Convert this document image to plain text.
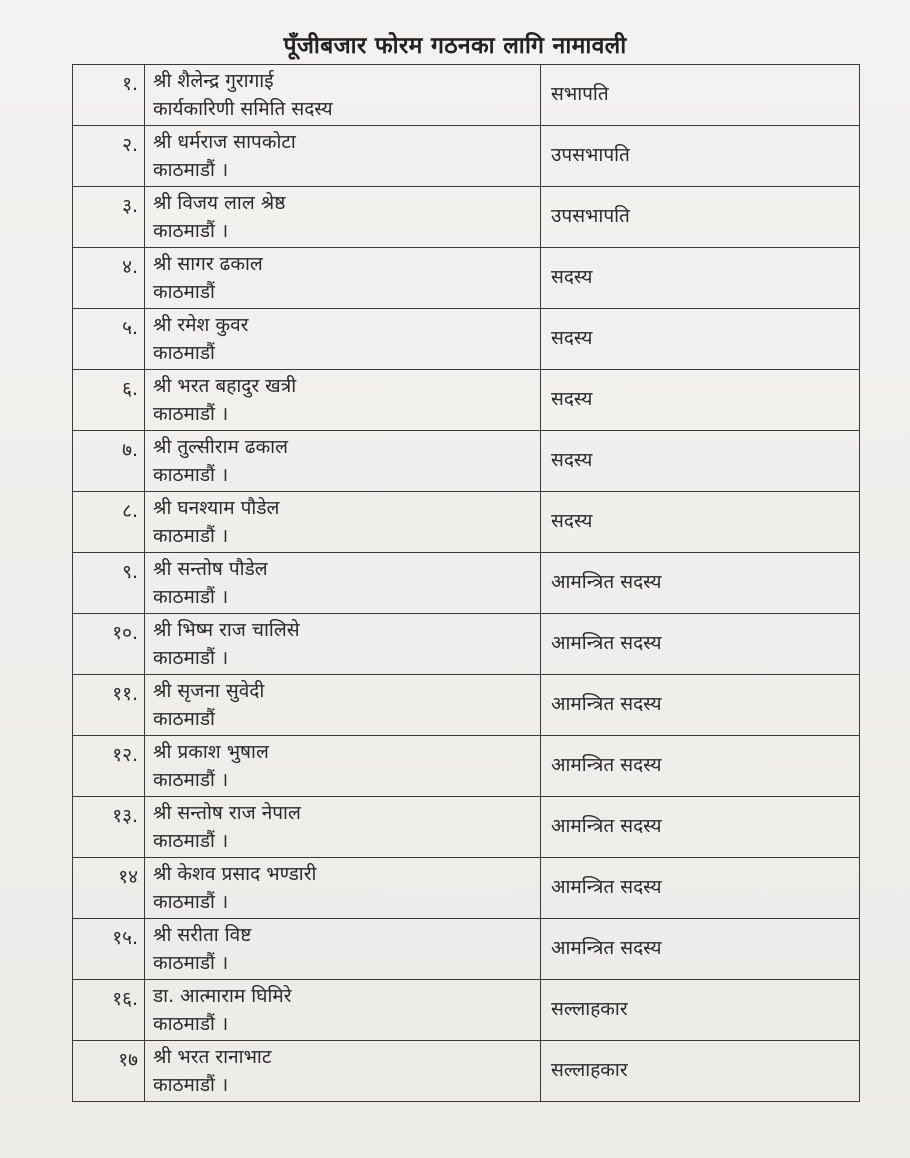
पूँजीबजार फोरम गठनका लागि नामावली
१.	श्री शैलेन्द्र गुरागाई
कार्यकारिणी समिति सदस्य	सभापति
२.	श्री धर्मराज सापकोटा
काठमाडौं ।	उपसभापति
३.	श्री विजय लाल श्रेष्ठ
काठमाडौं ।	उपसभापति
४.	श्री सागर ढकाल
काठमाडौं	सदस्य
५.	श्री रमेश कुवर
काठमाडौं	सदस्य
६.	श्री भरत बहादुर खत्री
काठमाडौं ।	सदस्य
७.	श्री तुल्सीराम ढकाल
काठमाडौं ।	सदस्य
८.	श्री घनश्याम पौडेल
काठमाडौं ।	सदस्य
९.	श्री सन्तोष पौडेल
काठमाडौं ।	आमन्त्रित सदस्य
१०.	श्री भिष्म राज चालिसे
काठमाडौं ।	आमन्त्रित सदस्य
११.	श्री सृजना सुवेदी
काठमाडौं	आमन्त्रित सदस्य
१२.	श्री प्रकाश भुषाल
काठमाडौं ।	आमन्त्रित सदस्य
१३.	श्री सन्तोष राज नेपाल
काठमाडौं ।	आमन्त्रित सदस्य
१४	श्री केशव प्रसाद भण्डारी
काठमाडौं ।	आमन्त्रित सदस्य
१५.	श्री सरीता विष्ट
काठमाडौं ।	आमन्त्रित सदस्य
१६.	डा. आत्माराम घिमिरे
काठमाडौं ।	सल्लाहकार
१७	श्री भरत रानाभाट
काठमाडौं ।	सल्लाहकार
